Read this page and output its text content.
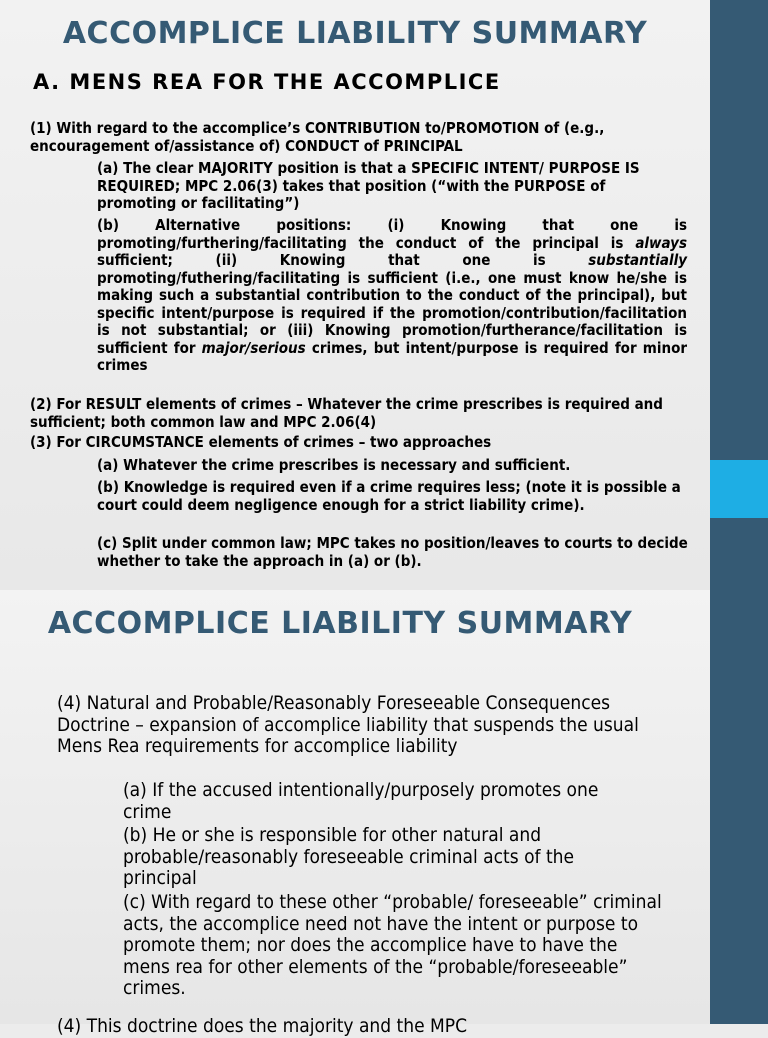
ACCOMPLICE LIABILITY SUMMARY
A. MENS REA FOR THE ACCOMPLICE

(1) With regard to the accomplice’s CONTRIBUTION to/PROMOTION of (e.g., encouragement of/assistance of) CONDUCT of PRINCIPAL

(a) The clear MAJORITY position is that a SPECIFIC INTENT/ PURPOSE IS REQUIRED; MPC 2.06(3) takes that position (“with the PURPOSE of promoting or facilitating”)

(b) Alternative positions: (i) Knowing that one is promoting/furthering/facilitating the conduct of the principal is always sufficient; (ii) Knowing that one is substantially promoting/futhering/facilitating is sufficient (i.e., one must know he/she is making such a substantial contribution to the conduct of the principal), but specific intent/purpose is required if the promotion/contribution/facilitation is not substantial; or (iii) Knowing promotion/furtherance/facilitation is sufficient for major/serious crimes, but intent/purpose is required for minor crimes

(2) For RESULT elements of crimes – Whatever the crime prescribes is required and sufficient; both common law and MPC 2.06(4)

(3) For CIRCUMSTANCE elements of crimes – two approaches

(a) Whatever the crime prescribes is necessary and sufficient.

(b) Knowledge is required even if a crime requires less; (note it is possible a court could deem negligence enough for a strict liability crime).

(c) Split under common law; MPC takes no position/leaves to courts to decide whether to take the approach in (a) or (b).

ACCOMPLICE LIABILITY SUMMARY

(4) Natural and Probable/Reasonably Foreseeable Consequences Doctrine – expansion of accomplice liability that suspends the usual Mens Rea requirements for accomplice liability

(a) If the accused intentionally/purposely promotes one crime

(b) He or she is responsible for other natural and probable/reasonably foreseeable criminal acts of the principal

(c) With regard to these other “probable/ foreseeable” criminal acts, the accomplice need not have the intent or purpose to promote them; nor does the accomplice have to have the mens rea for other elements of the “probable/foreseeable” crimes.

(4) This doctrine does the majority and the MPC
